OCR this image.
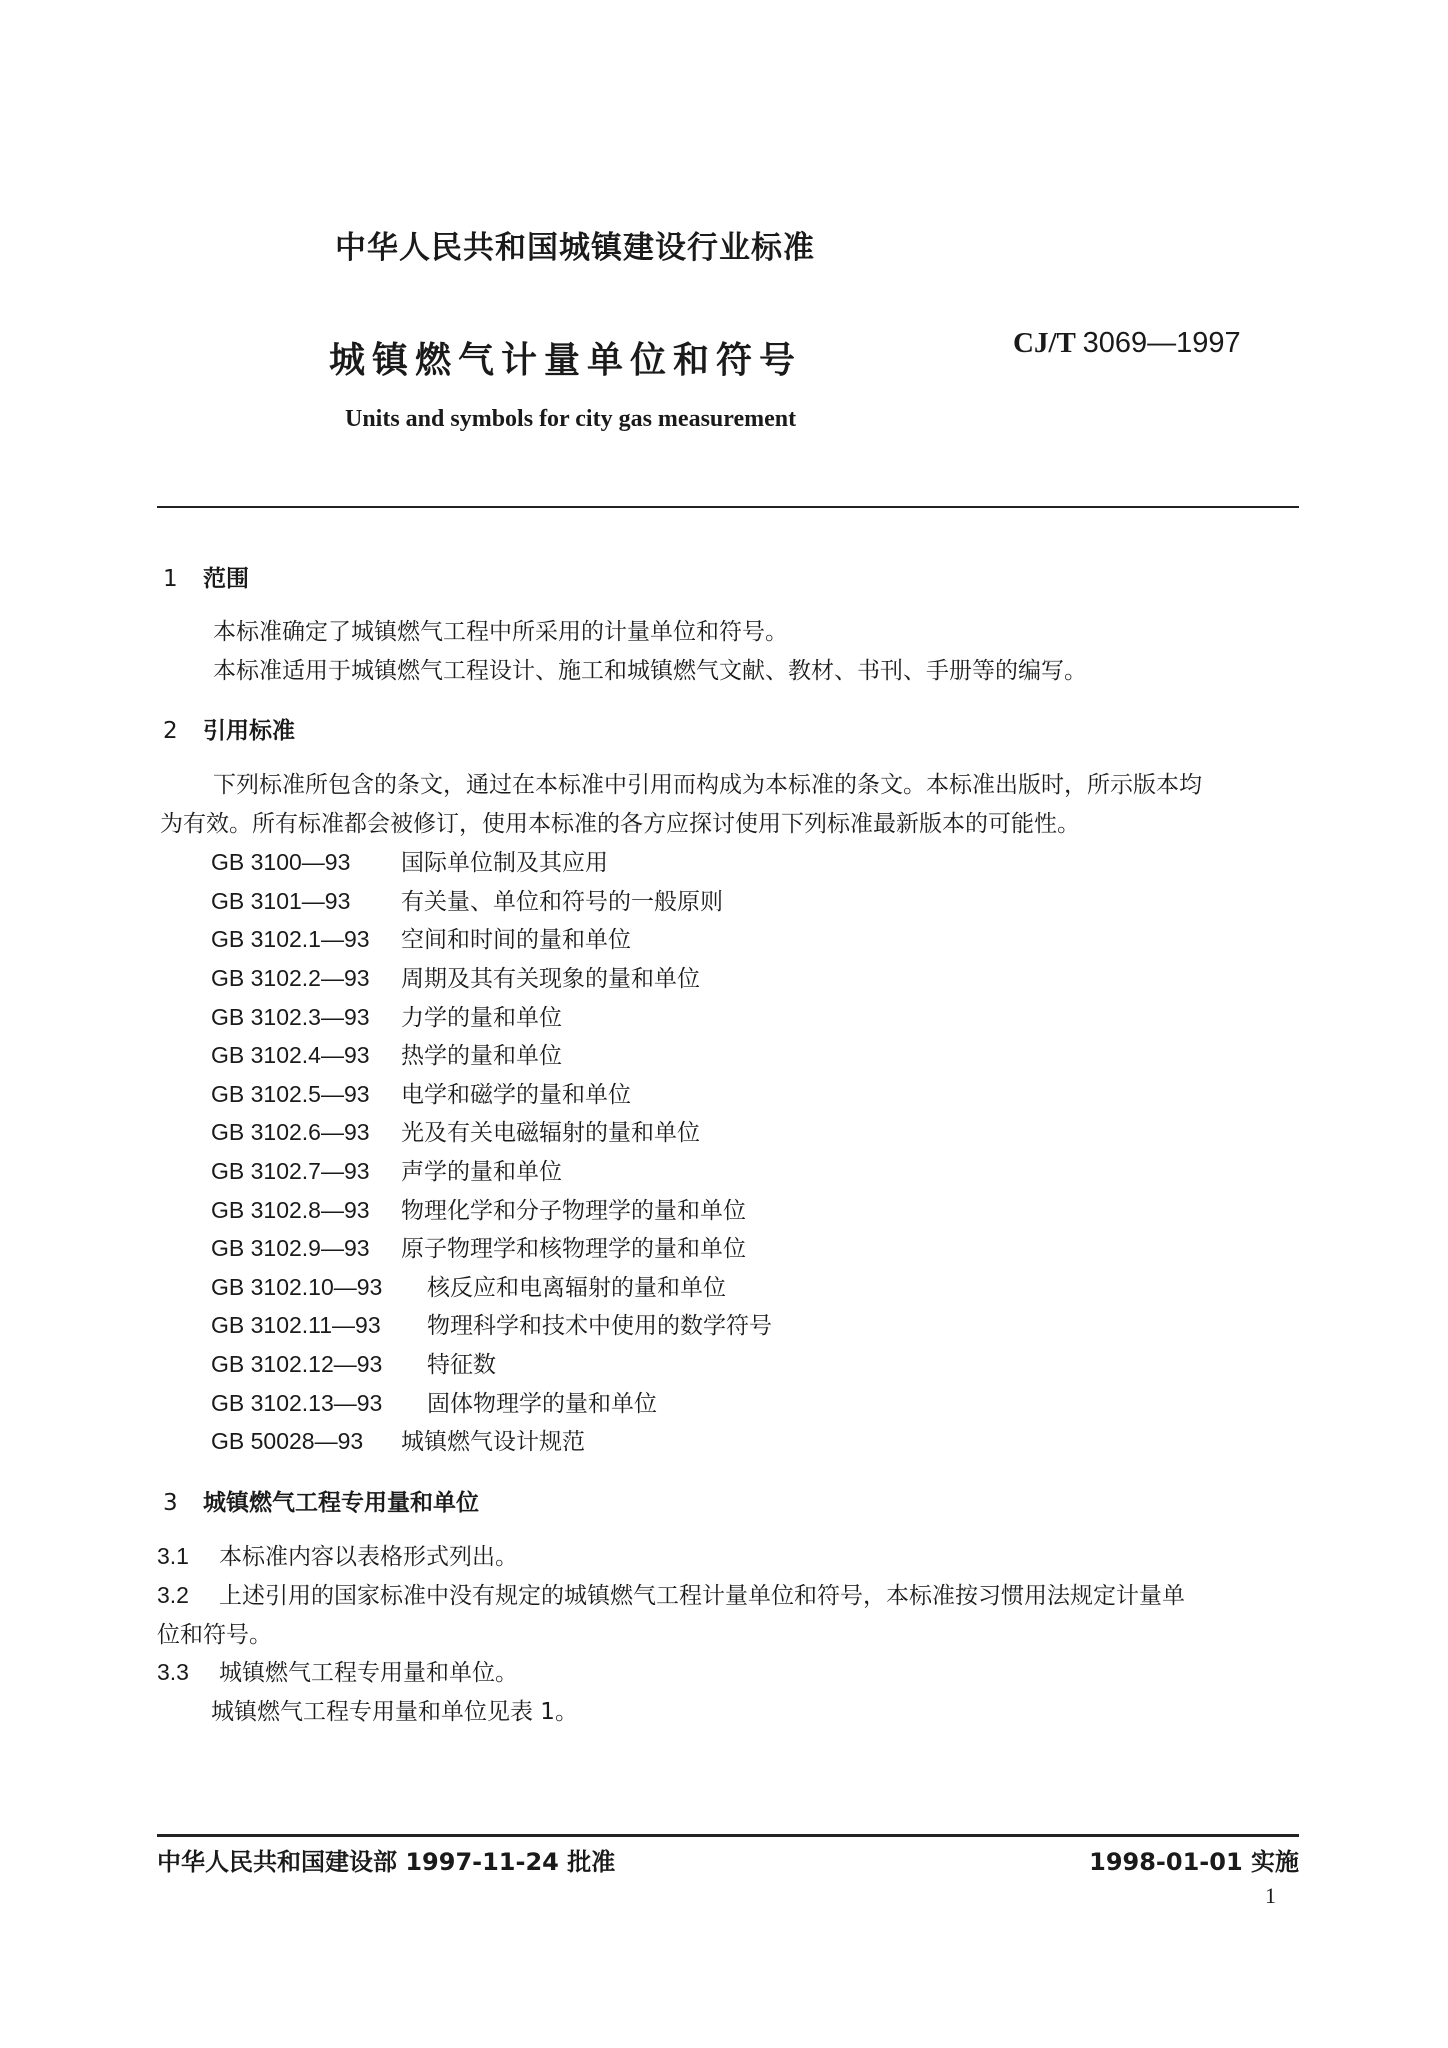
中华人民共和国城镇建设行业标准
城镇燃气计量单位和符号	CJ/T 3069—1997
Units and symbols for city gas measurement
1 范围
本标准确定了城镇燃气工程中所采用的计量单位和符号。
本标准适用于城镇燃气工程设计、施工和城镇燃气文献、教材、书刊、手册等的编写。
2 引用标准
下列标准所包含的条文，通过在本标准中引用而构成为本标准的条文。本标准出版时，所示版本均
为有效。所有标准都会被修订，使用本标准的各方应探讨使用下列标准最新版本的可能性。
GB 3100—93 国际单位制及其应用
GB 3101—93 有关量、单位和符号的一般原则
GB 3102.1—93 空间和时间的量和单位
GB 3102.2—93 周期及其有关现象的量和单位
GB 3102.3—93 力学的量和单位
GB 3102.4—93 热学的量和单位
GB 3102.5—93 电学和磁学的量和单位
GB 3102.6—93 光及有关电磁辐射的量和单位
GB 3102.7—93 声学的量和单位
GB 3102.8—93 物理化学和分子物理学的量和单位
GB 3102.9—93 原子物理学和核物理学的量和单位
GB 3102.10—93 核反应和电离辐射的量和单位
GB 3102.11—93 物理科学和技术中使用的数学符号
GB 3102.12—93 特征数
GB 3102.13—93 固体物理学的量和单位
GB 50028—93 城镇燃气设计规范
3 城镇燃气工程专用量和单位
3.1 本标准内容以表格形式列出。
3.2 上述引用的国家标准中没有规定的城镇燃气工程计量单位和符号，本标准按习惯用法规定计量单
位和符号。
3.3 城镇燃气工程专用量和单位。
城镇燃气工程专用量和单位见表 1。
中华人民共和国建设部 1997-11-24 批准	1998-01-01 实施
1
